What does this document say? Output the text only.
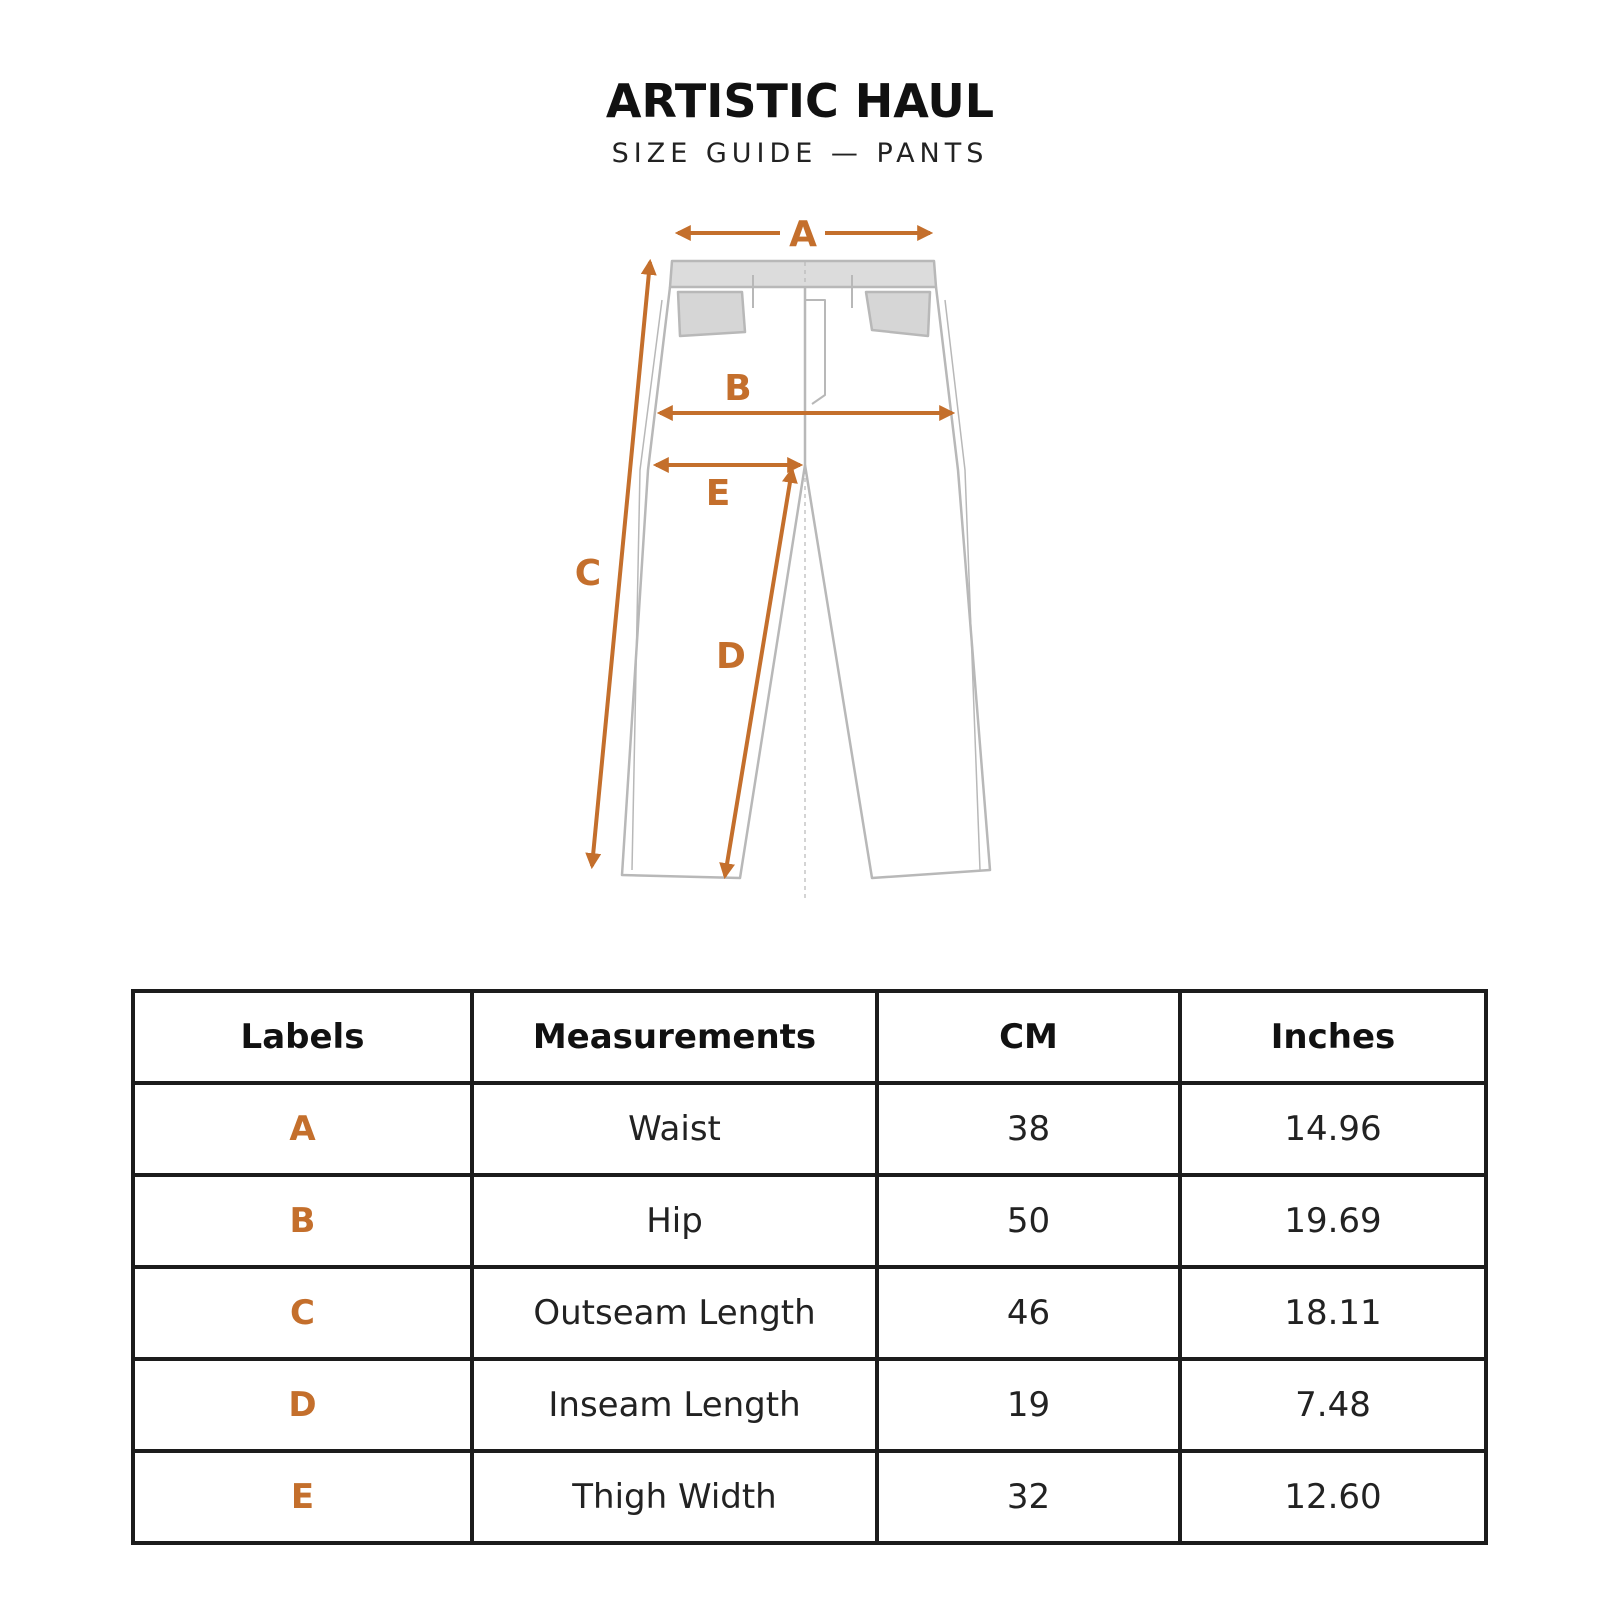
ARTISTIC HAUL
SIZE GUIDE — PANTS
A
B
C
D
E
Labels	Measurements	CM	Inches
A	Waist	38	14.96
B	Hip	50	19.69
C	Outseam Length	46	18.11
D	Inseam Length	19	7.48
E	Thigh Width	32	12.60
